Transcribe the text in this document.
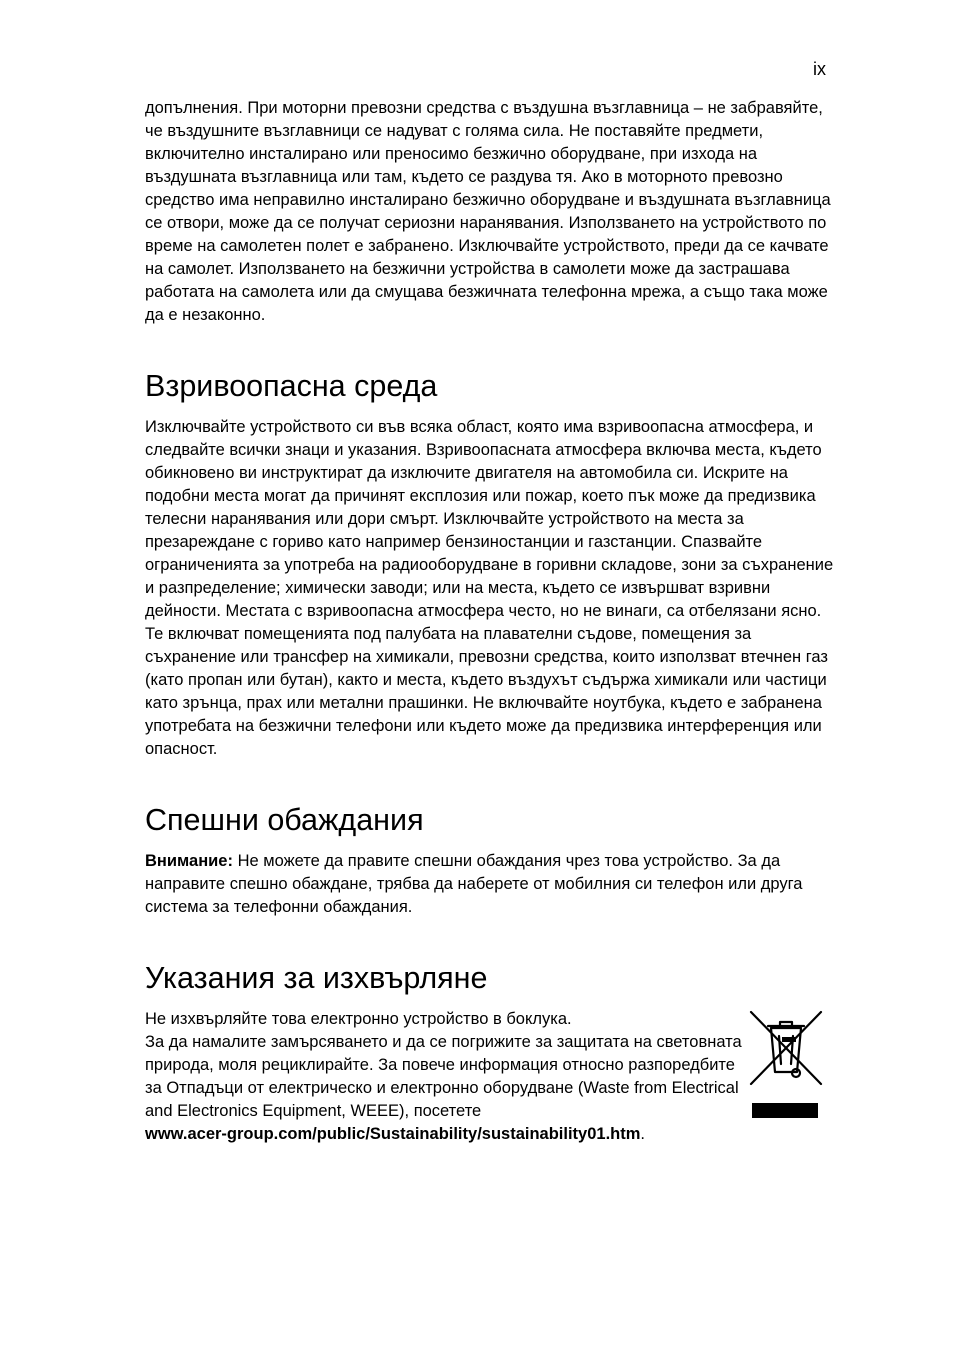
ix

допълнения. При моторни превозни средства с въздушна възглавница – не забравяйте, че въздушните възглавници се надуват с голяма сила. Не поставяйте предмети, включително инсталирано или преносимо безжично оборудване, при изхода на въздушната възглавница или там, където се раздува тя. Ако в моторното превозно средство има неправилно инсталирано безжично оборудване и въздушната възглавница се отвори, може да се получат сериозни наранявания. Използването на устройството по време на самолетен полет е забранено. Изключвайте устройството, преди да се качвате на самолет. Използването на безжични устройства в самолети може да застрашава работата на самолета или да смущава безжичната телефонна мрежа, а също така може да е незаконно.

Взривоопасна среда

Изключвайте устройството си във всяка област, която има взривоопасна атмосфера, и следвайте всички знаци и указания. Взривоопасната атмосфера включва места, където обикновено ви инструктират да изключите двигателя на автомобила си. Искрите на подобни места могат да причинят експлозия или пожар, което пък може да предизвика телесни наранявания или дори смърт. Изключвайте устройството на места за презареждане с гориво като например бензиностанции и газстанции. Спазвайте ограниченията за употреба на радиооборудване в горивни складове, зони за съхранение и разпределение; химически заводи; или на места, където се извършват взривни дейности. Местата с взривоопасна атмосфера често, но не винаги, са отбелязани ясно. Те включват помещенията под палубата на плавателни съдове, помещения за съхранение или трансфер на химикали, превозни средства, които използват втечнен газ (като пропан или бутан), както и места, където въздухът съдържа химикали или частици като зрънца, прах или метални прашинки. Не включвайте ноутбука, където е забранена употребата на безжични телефони или където може да предизвика интерференция или опасност.

Спешни обаждания

Внимание: Не можете да правите спешни обаждания чрез това устройство. За да направите спешно обаждане, трябва да наберете от мобилния си телефон или друга система за телефонни обаждания.

Указания за изхвърляне

Не изхвърляйте това електронно устройство в боклука.

За да намалите замърсяването и да се погрижите за защитата на световната природа, моля рециклирайте. За повече информация относно разпоредбите за Отпадъци от електрическо и електронно оборудване (Waste from Electrical and Electronics Equipment, WEEE), посетете

www.acer-group.com/public/Sustainability/sustainability01.htm.
